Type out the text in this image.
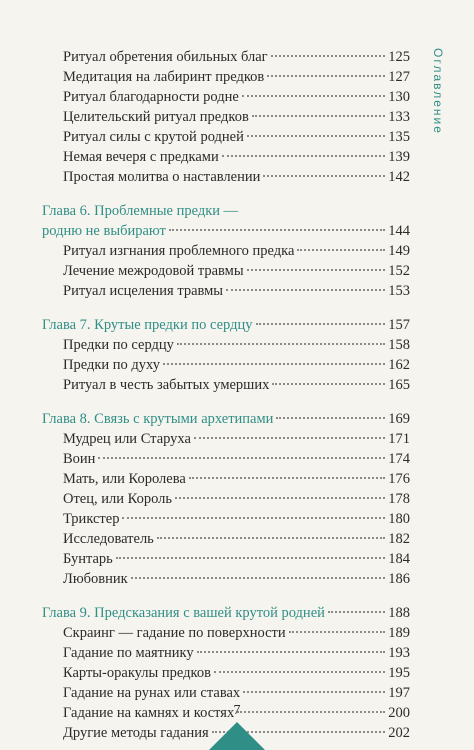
Ритуал обретения обильных благ	125
Медитация на лабиринт предков	127
Ритуал благодарности родне	130
Целительский ритуал предков	133
Ритуал силы с крутой родней	135
Немая вечеря с предками	139
Простая молитва о наставлении	142
Глава 6. Проблемные предки —
родню не выбирают	144
Ритуал изгнания проблемного предка	149
Лечение межродовой травмы	152
Ритуал исцеления травмы	153
Глава 7. Крутые предки по сердцу	157
Предки по сердцу	158
Предки по духу	162
Ритуал в честь забытых умерших	165
Глава 8. Связь с крутыми архетипами	169
Мудрец или Старуха	171
Воин	174
Мать, или Королева	176
Отец, или Король	178
Трикстер	180
Исследователь	182
Бунтарь	184
Любовник	186
Глава 9. Предсказания с вашей крутой родней	188
Скраинг — гадание по поверхности	189
Гадание по маятнику	193
Карты-оракулы предков	195
Гадание на рунах или ставах	197
Гадание на камнях и костях	200
Другие методы гадания	202
Оглавление
7
